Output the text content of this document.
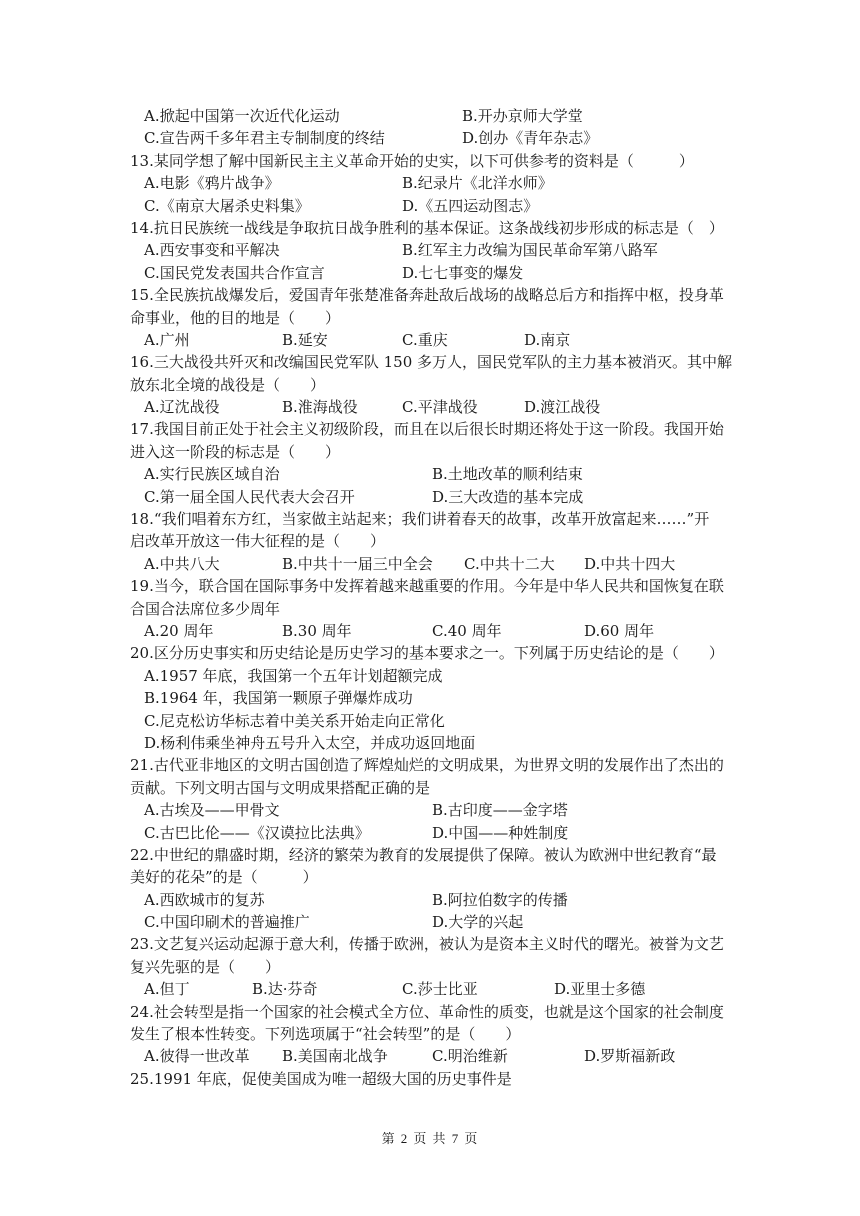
A.掀起中国第一次近代化运动	B.开办京师大学堂
C.宣告两千多年君主专制制度的终结	D.创办《青年杂志》
13.某同学想了解中国新民主主义革命开始的史实，以下可供参考的资料是（　　　）
A.电影《鸦片战争》	B.纪录片《北洋水师》
C.《南京大屠杀史料集》	D.《五四运动图志》
14.抗日民族统一战线是争取抗日战争胜利的基本保证。这条战线初步形成的标志是（　）
A.西安事变和平解决	B.红军主力改编为国民革命军第八路军
C.国民党发表国共合作宣言	D.七七事变的爆发
15.全民族抗战爆发后，爱国青年张楚准备奔赴敌后战场的战略总后方和指挥中枢，投身革
命事业，他的目的地是（　　）
A.广州	B.延安	C.重庆	D.南京
16.三大战役共歼灭和改编国民党军队 150 多万人，国民党军队的主力基本被消灭。其中解
放东北全境的战役是（　　）
A.辽沈战役	B.淮海战役	C.平津战役	D.渡江战役
17.我国目前正处于社会主义初级阶段，而且在以后很长时期还将处于这一阶段。我国开始
进入这一阶段的标志是（　　）
A.实行民族区域自治	B.土地改革的顺利结束
C.第一届全国人民代表大会召开	D.三大改造的基本完成
18.“我们唱着东方红，当家做主站起来；我们讲着春天的故事，改革开放富起来……”开
启改革开放这一伟大征程的是（　　）
A.中共八大	B.中共十一届三中全会 C.中共十二大 D.中共十四大
19.当今，联合国在国际事务中发挥着越来越重要的作用。今年是中华人民共和国恢复在联
合国合法席位多少周年
A.20 周年	B.30 周年	C.40 周年	D.60 周年
20.区分历史事实和历史结论是历史学习的基本要求之一。下列属于历史结论的是（　　）
A.1957 年底，我国第一个五年计划超额完成
B.1964 年，我国第一颗原子弹爆炸成功
C.尼克松访华标志着中美关系开始走向正常化
D.杨利伟乘坐神舟五号升入太空，并成功返回地面
21.古代亚非地区的文明古国创造了辉煌灿烂的文明成果，为世界文明的发展作出了杰出的
贡献。下列文明古国与文明成果搭配正确的是
A.古埃及——甲骨文	B.古印度——金字塔
C.古巴比伦——《汉谟拉比法典》	D.中国——种姓制度
22.中世纪的鼎盛时期，经济的繁荣为教育的发展提供了保障。被认为欧洲中世纪教育“最
美好的花朵”的是（　　　）
A.西欧城市的复苏	B.阿拉伯数字的传播
C.中国印刷术的普遍推广	D.大学的兴起
23.文艺复兴运动起源于意大利，传播于欧洲，被认为是资本主义时代的曙光。被誉为文艺
复兴先驱的是（　　）
A.但丁	B.达·芬奇	C.莎士比亚	D.亚里士多德
24.社会转型是指一个国家的社会模式全方位、革命性的质变，也就是这个国家的社会制度
发生了根本性转变。下列选项属于“社会转型”的是（　　）
A.彼得一世改革 B.美国南北战争	C.明治维新	D.罗斯福新政
25.1991 年底，促使美国成为唯一超级大国的历史事件是
第 2 页 共 7 页
